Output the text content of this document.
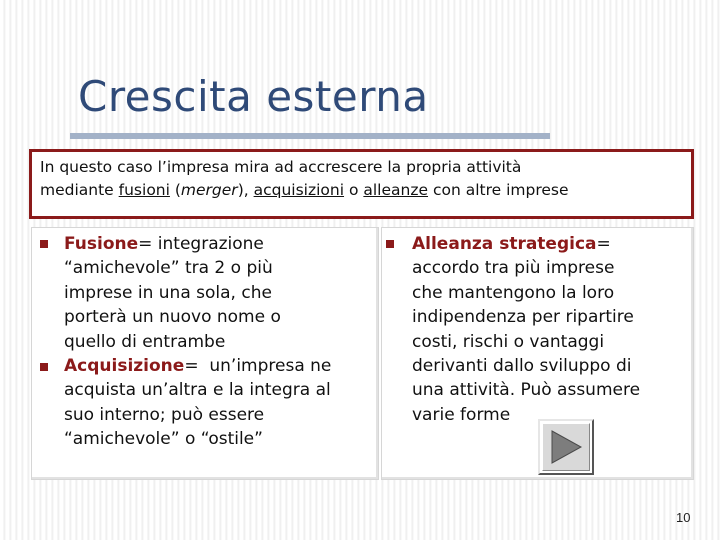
Crescita esterna
In questo caso l’impresa mira ad accrescere la propria attività
mediante fusioni (merger), acquisizioni o alleanze con altre imprese
Fusione= integrazione
“amichevole” tra 2 o più
imprese in una sola, che
porterà un nuovo nome o
quello di entrambe
Acquisizione=  un’impresa ne
acquista un’altra e la integra al
suo interno; può essere
“amichevole” o “ostile”
Alleanza strategica=
accordo tra più imprese
che mantengono la loro
indipendenza per ripartire
costi, rischi o vantaggi
derivanti dallo sviluppo di
una attività. Può assumere
varie forme
10
